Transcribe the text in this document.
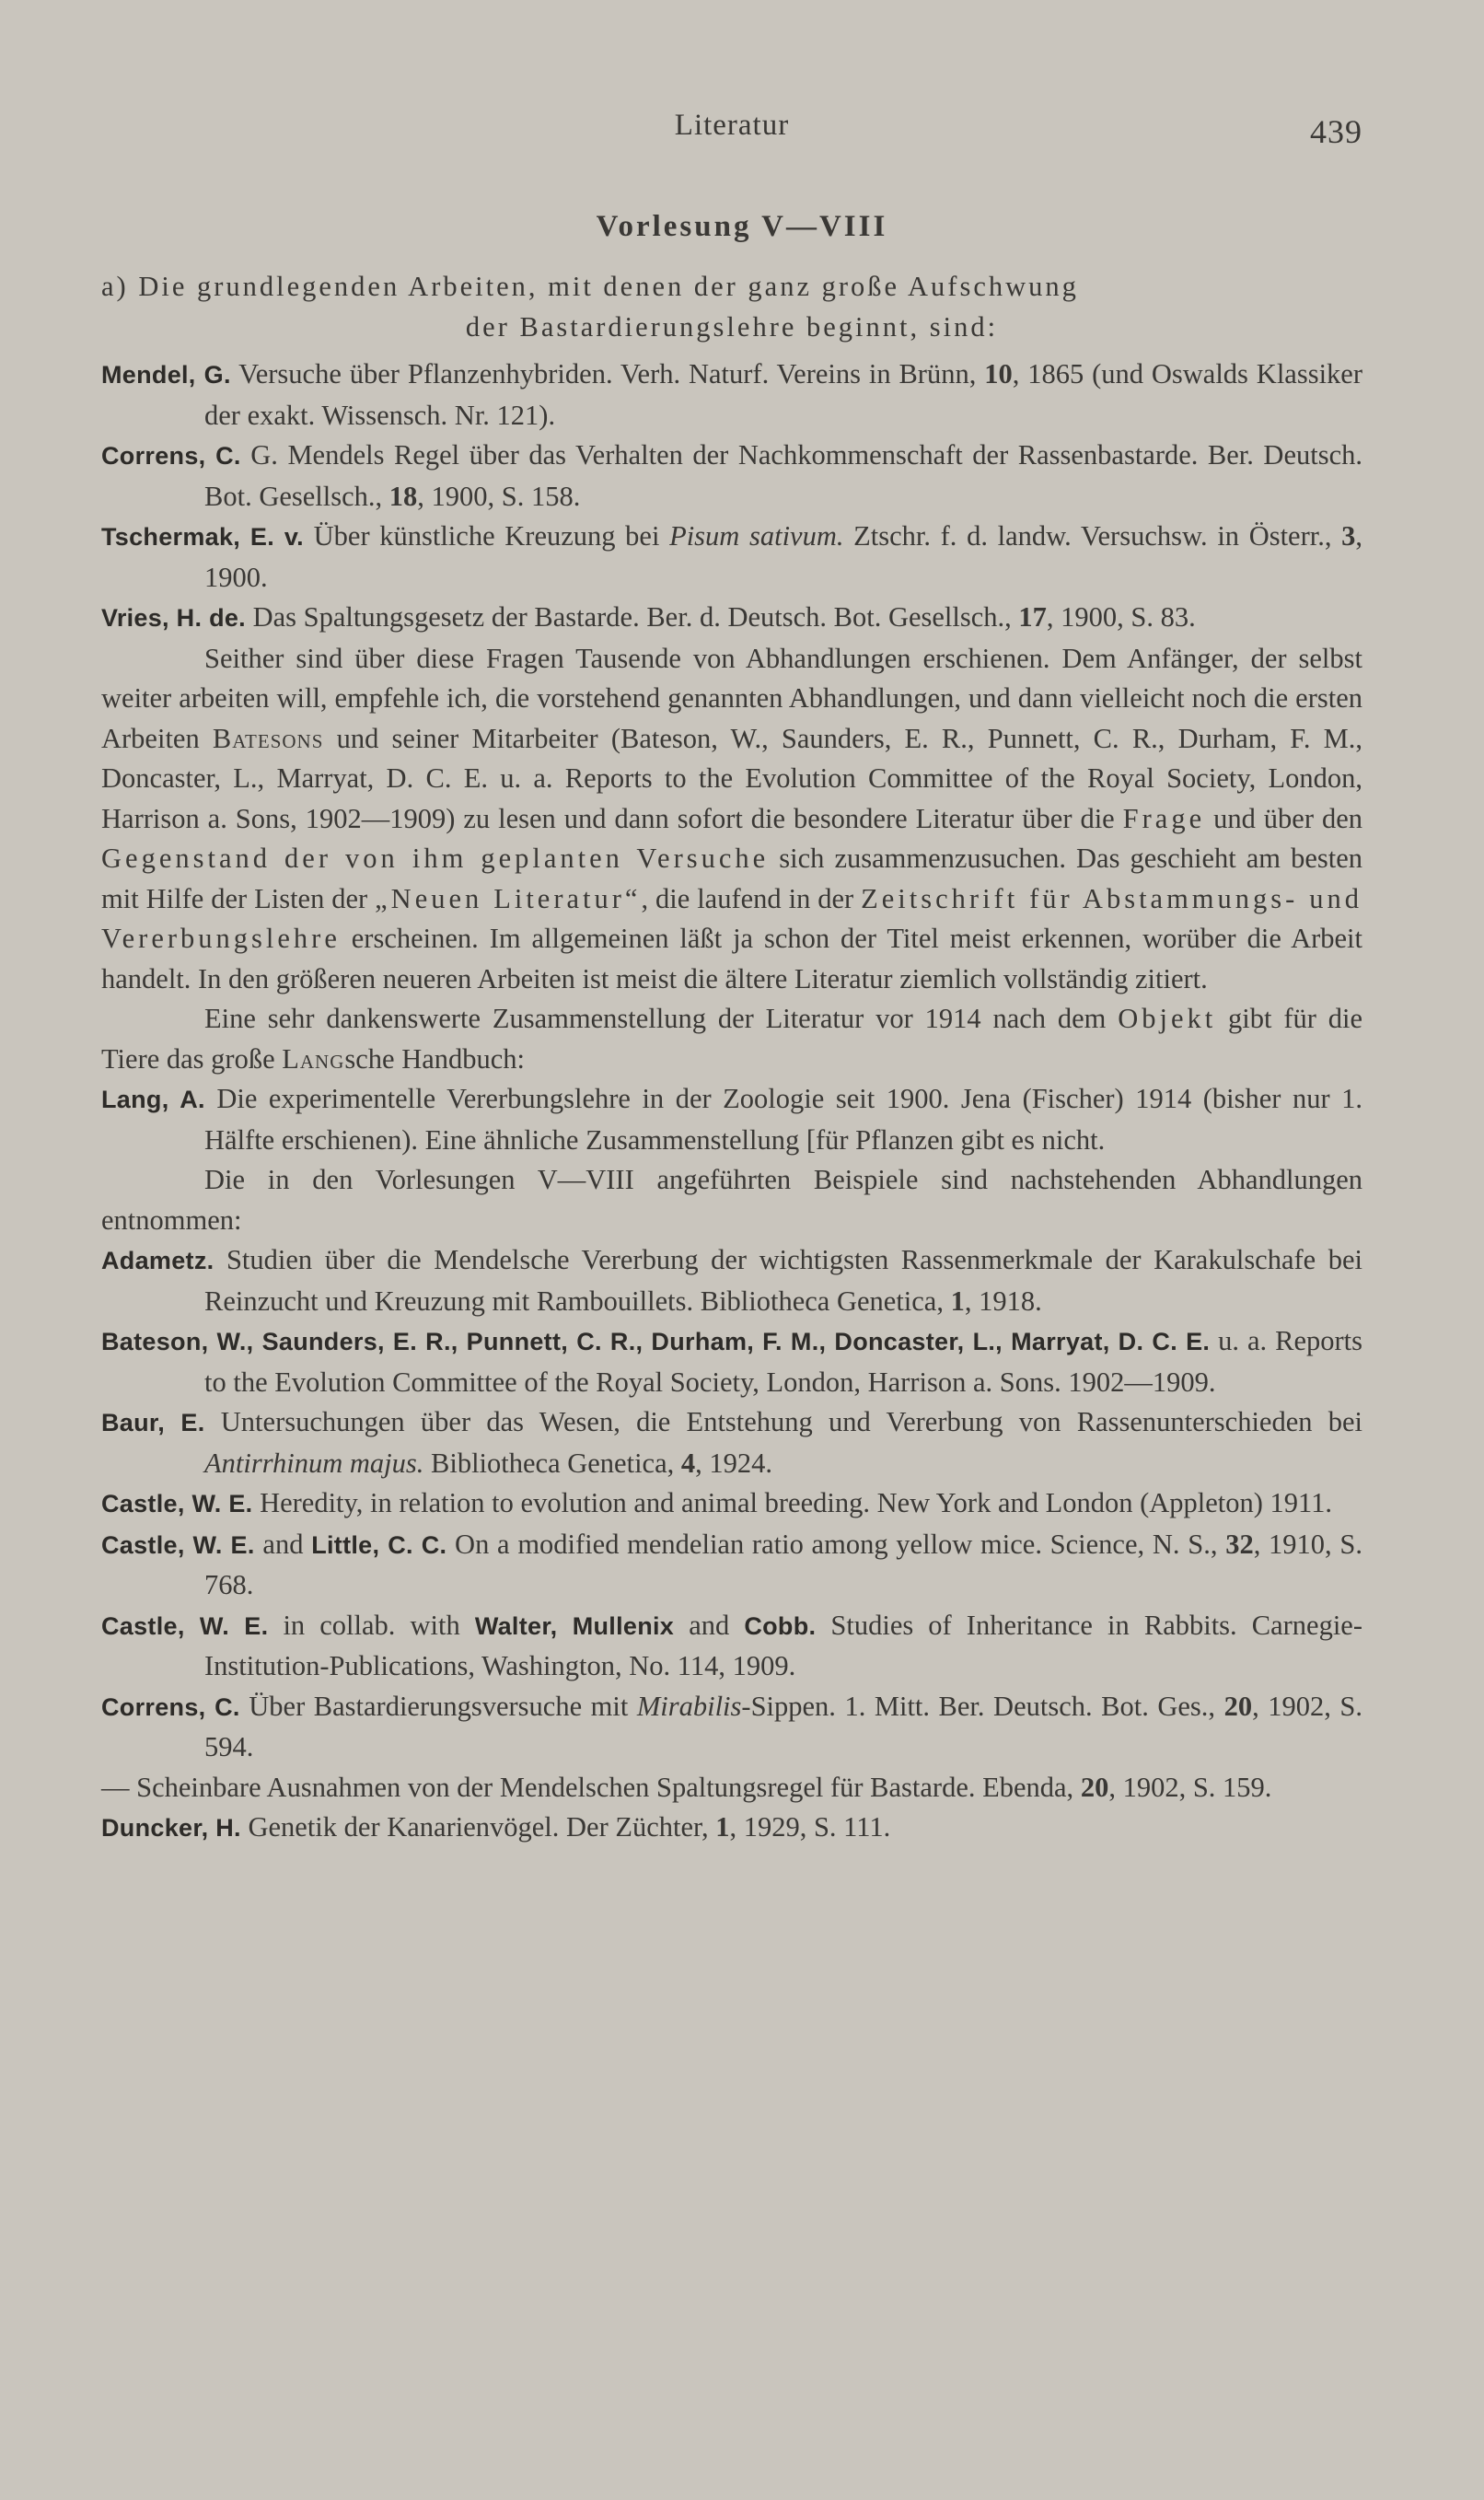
Literatur	439
Vorlesung V—VIII

a) Die grundlegenden Arbeiten, mit denen der ganz große Aufschwung
der Bastardierungslehre beginnt, sind:

Mendel, G. Versuche über Pflanzenhybriden. Verh. Naturf. Vereins in Brünn, 10, 1865 (und Oswalds Klassiker der exakt. Wissensch. Nr. 121).

Correns, C. G. Mendels Regel über das Verhalten der Nachkommenschaft der Rassenbastarde. Ber. Deutsch. Bot. Gesellsch., 18, 1900, S. 158.

Tschermak, E. v. Über künstliche Kreuzung bei Pisum sativum. Ztschr. f. d. landw. Versuchsw. in Österr., 3, 1900.

Vries, H. de. Das Spaltungsgesetz der Bastarde. Ber. d. Deutsch. Bot. Gesellsch., 17, 1900, S. 83.

Seither sind über diese Fragen Tausende von Abhandlungen erschienen. Dem Anfänger, der selbst weiter arbeiten will, empfehle ich, die vorstehend genannten Abhandlungen, und dann vielleicht noch die ersten Arbeiten Batesons und seiner Mitarbeiter (Bateson, W., Saunders, E. R., Punnett, C. R., Durham, F. M., Doncaster, L., Marryat, D. C. E. u. a. Reports to the Evolution Committee of the Royal Society, London, Harrison a. Sons, 1902—1909) zu lesen und dann sofort die besondere Literatur über die Frage und über den Gegenstand der von ihm geplanten Versuche sich zusammenzusuchen. Das geschieht am besten mit Hilfe der Listen der „Neuen Literatur“, die laufend in der Zeitschrift für Abstammungs- und Vererbungslehre erscheinen. Im allgemeinen läßt ja schon der Titel meist erkennen, worüber die Arbeit handelt. In den größeren neueren Arbeiten ist meist die ältere Literatur ziemlich vollständig zitiert.

Eine sehr dankenswerte Zusammenstellung der Literatur vor 1914 nach dem Objekt gibt für die Tiere das große Langsche Handbuch:

Lang, A. Die experimentelle Vererbungslehre in der Zoologie seit 1900. Jena (Fischer) 1914 (bisher nur 1. Hälfte erschienen). Eine ähnliche Zusammenstellung [für Pflanzen gibt es nicht.

Die in den Vorlesungen V—VIII angeführten Beispiele sind nachstehenden Abhandlungen entnommen:

Adametz. Studien über die Mendelsche Vererbung der wichtigsten Rassenmerkmale der Karakulschafe bei Reinzucht und Kreuzung mit Rambouillets. Bibliotheca Genetica, 1, 1918.

Bateson, W., Saunders, E. R., Punnett, C. R., Durham, F. M., Doncaster, L., Marryat, D. C. E. u. a. Reports to the Evolution Committee of the Royal Society, London, Harrison a. Sons. 1902—1909.

Baur, E. Untersuchungen über das Wesen, die Entstehung und Vererbung von Rassenunterschieden bei Antirrhinum majus. Bibliotheca Genetica, 4, 1924.

Castle, W. E. Heredity, in relation to evolution and animal breeding. New York and London (Appleton) 1911.

Castle, W. E. and Little, C. C. On a modified mendelian ratio among yellow mice. Science, N. S., 32, 1910, S. 768.

Castle, W. E. in collab. with Walter, Mullenix and Cobb. Studies of Inheritance in Rabbits. Carnegie-Institution-Publications, Washington, No. 114, 1909.

Correns, C. Über Bastardierungsversuche mit Mirabilis-Sippen. 1. Mitt. Ber. Deutsch. Bot. Ges., 20, 1902, S. 594.

— Scheinbare Ausnahmen von der Mendelschen Spaltungsregel für Bastarde. Ebenda, 20, 1902, S. 159.

Duncker, H. Genetik der Kanarienvögel. Der Züchter, 1, 1929, S. 111.
